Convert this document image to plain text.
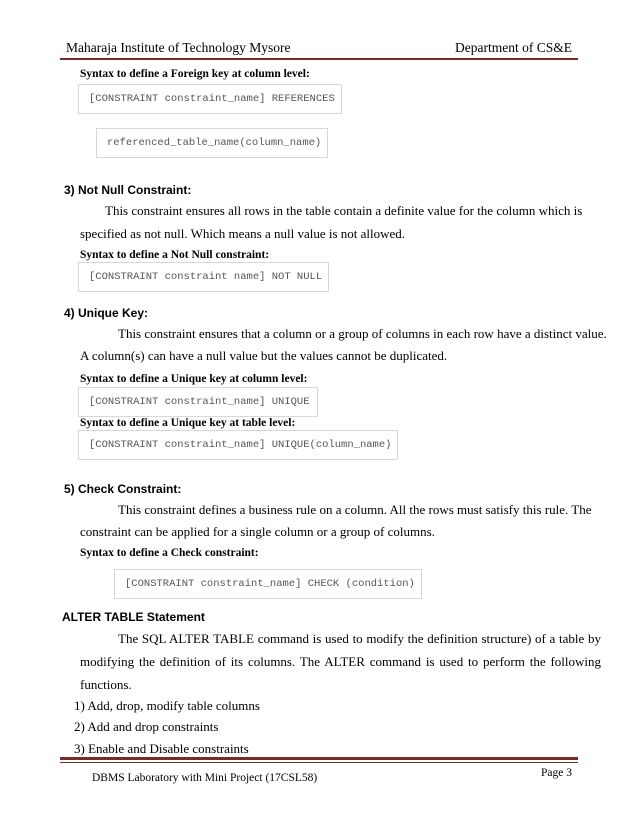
Maharaja Institute of Technology Mysore	Department of CS&E
Syntax to define a Foreign key at column level:
[CONSTRAINT constraint_name] REFERENCES
referenced_table_name(column_name)
3) Not Null Constraint:
This constraint ensures all rows in the table contain a definite value for the column which is
specified as not null. Which means a null value is not allowed.
Syntax to define a Not Null constraint:
[CONSTRAINT constraint name] NOT NULL
4) Unique Key:
This constraint ensures that a column or a group of columns in each row have a distinct value.
A column(s) can have a null value but the values cannot be duplicated.
Syntax to define a Unique key at column level:
[CONSTRAINT constraint_name] UNIQUE
Syntax to define a Unique key at table level:
[CONSTRAINT constraint_name] UNIQUE(column_name)
5) Check Constraint:
This constraint defines a business rule on a column. All the rows must satisfy this rule. The
constraint can be applied for a single column or a group of columns.
Syntax to define a Check constraint:
[CONSTRAINT constraint_name] CHECK (condition)
ALTER TABLE Statement
The SQL ALTER TABLE command is used to modify the definition structure) of a table by
modifying the definition of its columns. The ALTER command is used to perform the following
functions.
1) Add, drop, modify table columns
2) Add and drop constraints
3) Enable and Disable constraints
Page 3
DBMS Laboratory with Mini Project (17CSL58)
